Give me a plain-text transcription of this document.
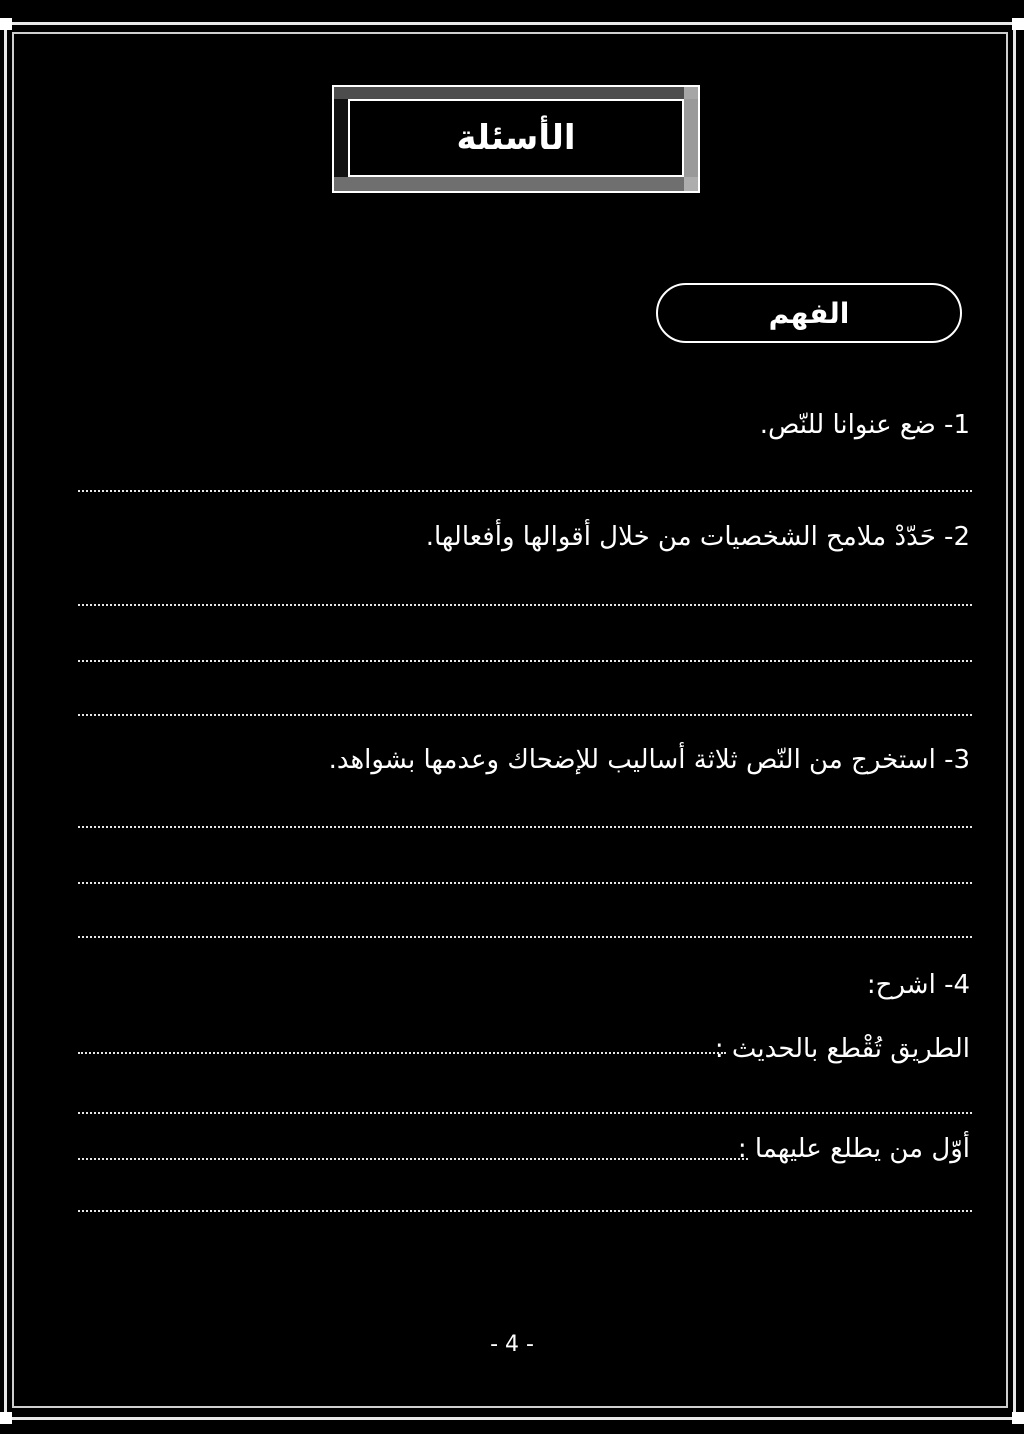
الأسئلة
الفهم
1- ضع عنوانا للنّص.
2- حَدّدْ ملامح الشخصيات من خلال أقوالها وأفعالها.
3- استخرج من النّص ثلاثة أساليب للإضحاك وعدمها بشواهد.
4- اشرح:
الطريق تُقْطع بالحديث :
أوّل من يطلع عليهما :
- 4 -
